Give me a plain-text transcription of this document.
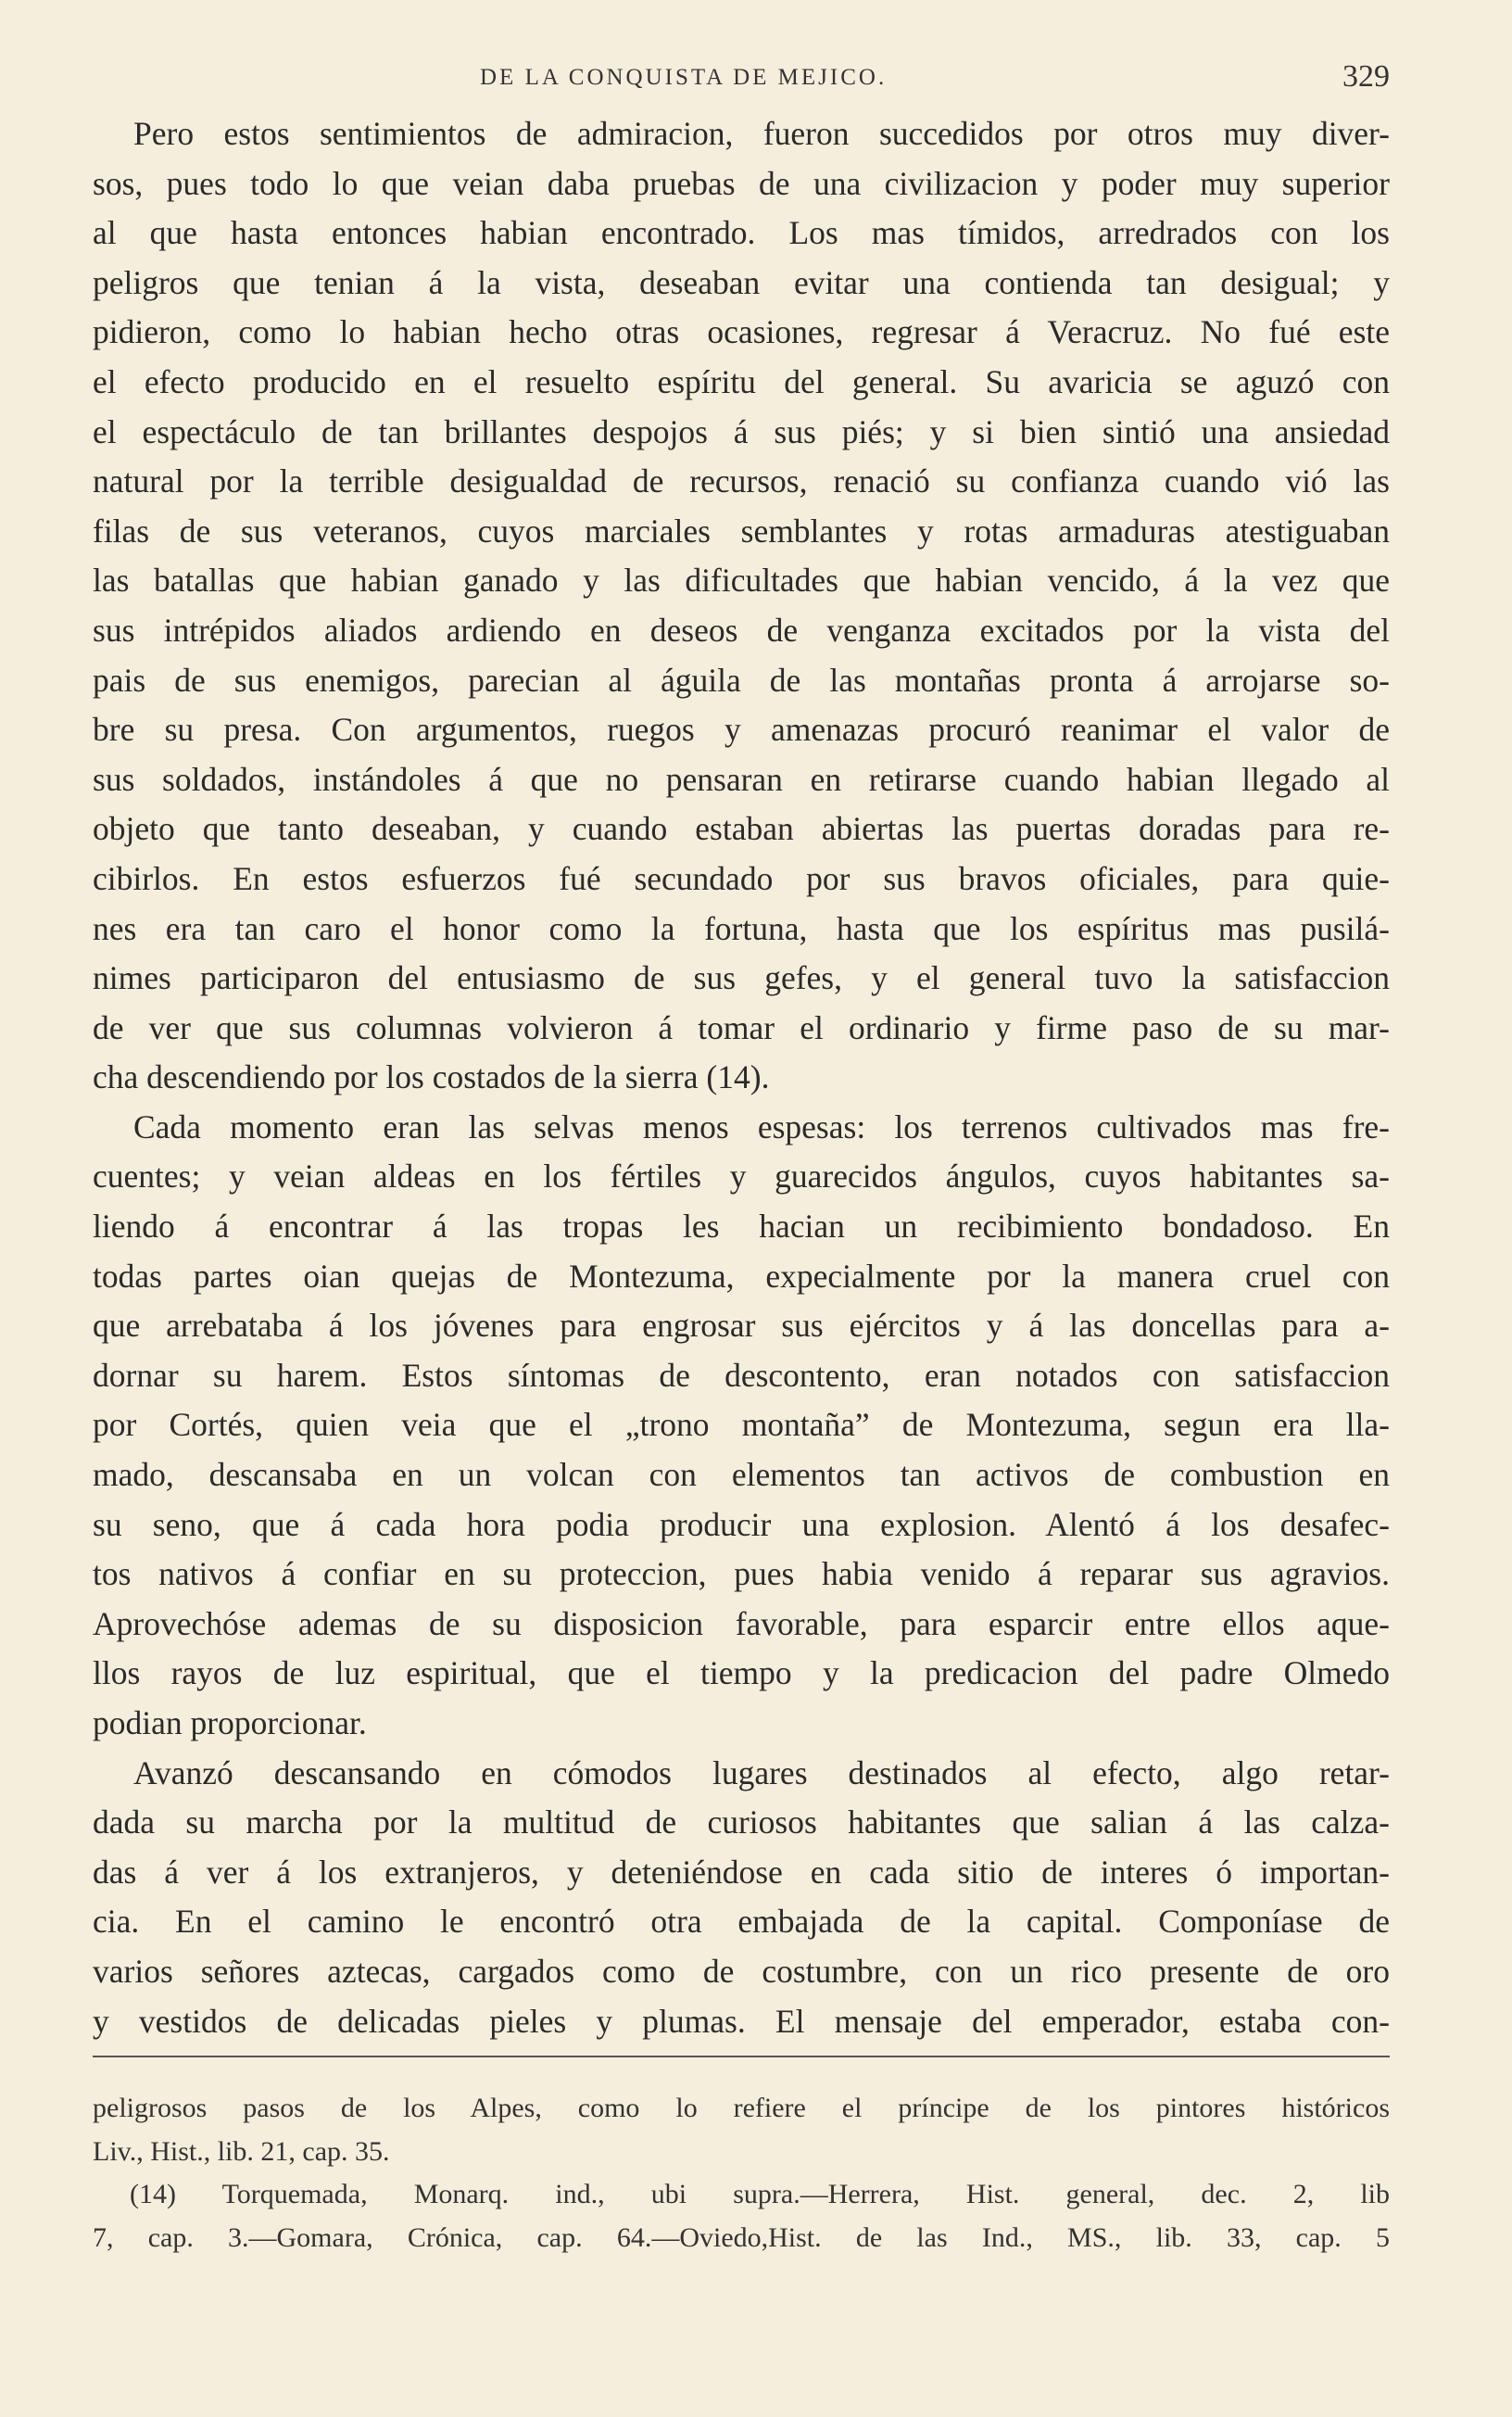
DE LA CONQUISTA DE MEJICO.	329
Pero estos sentimientos de admiracion, fueron succedidos por otros muy diver-
sos, pues todo lo que veian daba pruebas de una civilizacion y poder muy superior
al que hasta entonces habian encontrado. Los mas tímidos, arredrados con los
peligros que tenian á la vista, deseaban evitar una contienda tan desigual; y
pidieron, como lo habian hecho otras ocasiones, regresar á Veracruz. No fué este
el efecto producido en el resuelto espíritu del general. Su avaricia se aguzó con
el espectáculo de tan brillantes despojos á sus piés; y si bien sintió una ansiedad
natural por la terrible desigualdad de recursos, renació su confianza cuando vió las
filas de sus veteranos, cuyos marciales semblantes y rotas armaduras atestiguaban
las batallas que habian ganado y las dificultades que habian vencido, á la vez que
sus intrépidos aliados ardiendo en deseos de venganza excitados por la vista del
pais de sus enemigos, parecian al águila de las montañas pronta á arrojarse so-
bre su presa. Con argumentos, ruegos y amenazas procuró reanimar el valor de
sus soldados, instándoles á que no pensaran en retirarse cuando habian llegado al
objeto que tanto deseaban, y cuando estaban abiertas las puertas doradas para re-
cibirlos. En estos esfuerzos fué secundado por sus bravos oficiales, para quie-
nes era tan caro el honor como la fortuna, hasta que los espíritus mas pusilá-
nimes participaron del entusiasmo de sus gefes, y el general tuvo la satisfaccion
de ver que sus columnas volvieron á tomar el ordinario y firme paso de su mar-
cha descendiendo por los costados de la sierra (14).
Cada momento eran las selvas menos espesas: los terrenos cultivados mas fre-
cuentes; y veian aldeas en los fértiles y guarecidos ángulos, cuyos habitantes sa-
liendo á encontrar á las tropas les hacian un recibimiento bondadoso. En
todas partes oian quejas de Montezuma, expecialmente por la manera cruel con
que arrebataba á los jóvenes para engrosar sus ejércitos y á las doncellas para a-
dornar su harem. Estos síntomas de descontento, eran notados con satisfaccion
por Cortés, quien veia que el „trono montaña” de Montezuma, segun era lla-
mado, descansaba en un volcan con elementos tan activos de combustion en
su seno, que á cada hora podia producir una explosion. Alentó á los desafec-
tos nativos á confiar en su proteccion, pues habia venido á reparar sus agravios.
Aprovechóse ademas de su disposicion favorable, para esparcir entre ellos aque-
llos rayos de luz espiritual, que el tiempo y la predicacion del padre Olmedo
podian proporcionar.
Avanzó descansando en cómodos lugares destinados al efecto, algo retar-
dada su marcha por la multitud de curiosos habitantes que salian á las calza-
das á ver á los extranjeros, y deteniéndose en cada sitio de interes ó importan-
cia. En el camino le encontró otra embajada de la capital. Componíase de
varios señores aztecas, cargados como de costumbre, con un rico presente de oro
y vestidos de delicadas pieles y plumas. El mensaje del emperador, estaba con-
peligrosos pasos de los Alpes, como lo refiere el príncipe de los pintores históricos
Liv., Hist., lib. 21, cap. 35.
(14) Torquemada, Monarq. ind., ubi supra.—Herrera, Hist. general, dec. 2, lib
7, cap. 3.—Gomara, Crónica, cap. 64.—Oviedo,Hist. de las Ind., MS., lib. 33, cap. 5
